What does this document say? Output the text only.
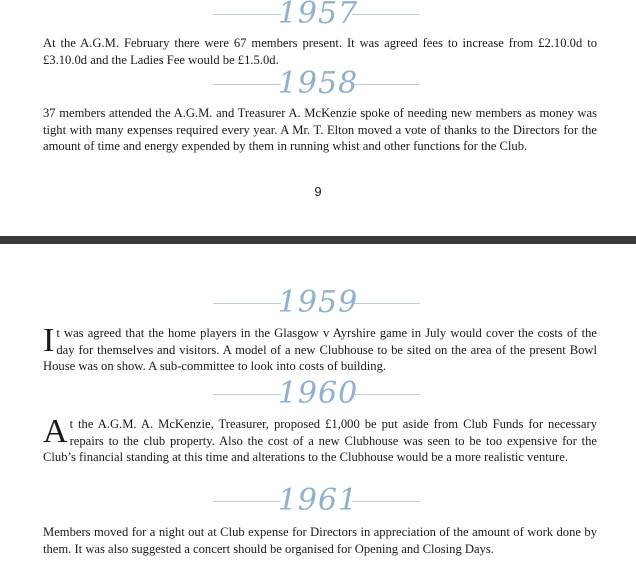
1957
At the A.G.M. February there were 67 members present. It was agreed fees to increase from £2.10.0d to £3.10.0d and the Ladies Fee would be £1.5.0d.
1958
37 members attended the A.G.M. and Treasurer A. McKenzie spoke of needing new members as money was tight with many expenses required every year. A Mr. T. Elton moved a vote of thanks to the Directors for the amount of time and energy expended by them in running whist and other functions for the Club.
9
1959
It was agreed that the home players in the Glasgow v Ayrshire game in July would cover the costs of the day for themselves and visitors. A model of a new Clubhouse to be sited on the area of the present Bowl House was on show. A sub-committee to look into costs of building.
1960
At the A.G.M. A. McKenzie, Treasurer, proposed £1,000 be put aside from Club Funds for necessary repairs to the club property. Also the cost of a new Clubhouse was seen to be too expensive for the Club’s financial standing at this time and alterations to the Clubhouse would be a more realistic venture.
1961
Members moved for a night out at Club expense for Directors in appreciation of the amount of work done by them. It was also suggested a concert should be organised for Opening and Closing Days.
